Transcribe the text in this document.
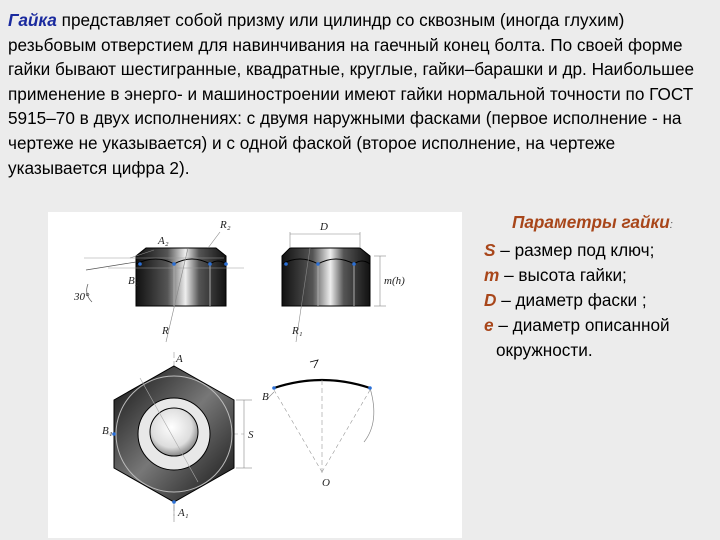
Гайка представляет собой призму или цилиндр со сквозным (иногда глухим) резьбовым отверстием для навинчивания на гаечный конец болта. По своей форме гайки бывают шестигранные, квадратные, круглые, гайки–барашки и др. Наибольшее применение в энерго- и машиностроении имеют гайки нормальной точности по ГОСТ 5915–70 в двух исполнениях: с двумя наружными фасками (первое исполнение - на чертеже не указывается) и с одной фаской (второе исполнение, на чертеже указывается цифра 2).

A₂
R₂	D
B₂
30°
R	R₁
m(h)
A
B₁	S
A₁
B
O
Параметры гайки:
S – размер под ключ;
m – высота гайки;
D – диаметр фаски ;
e – диаметр описанной
окружности.
